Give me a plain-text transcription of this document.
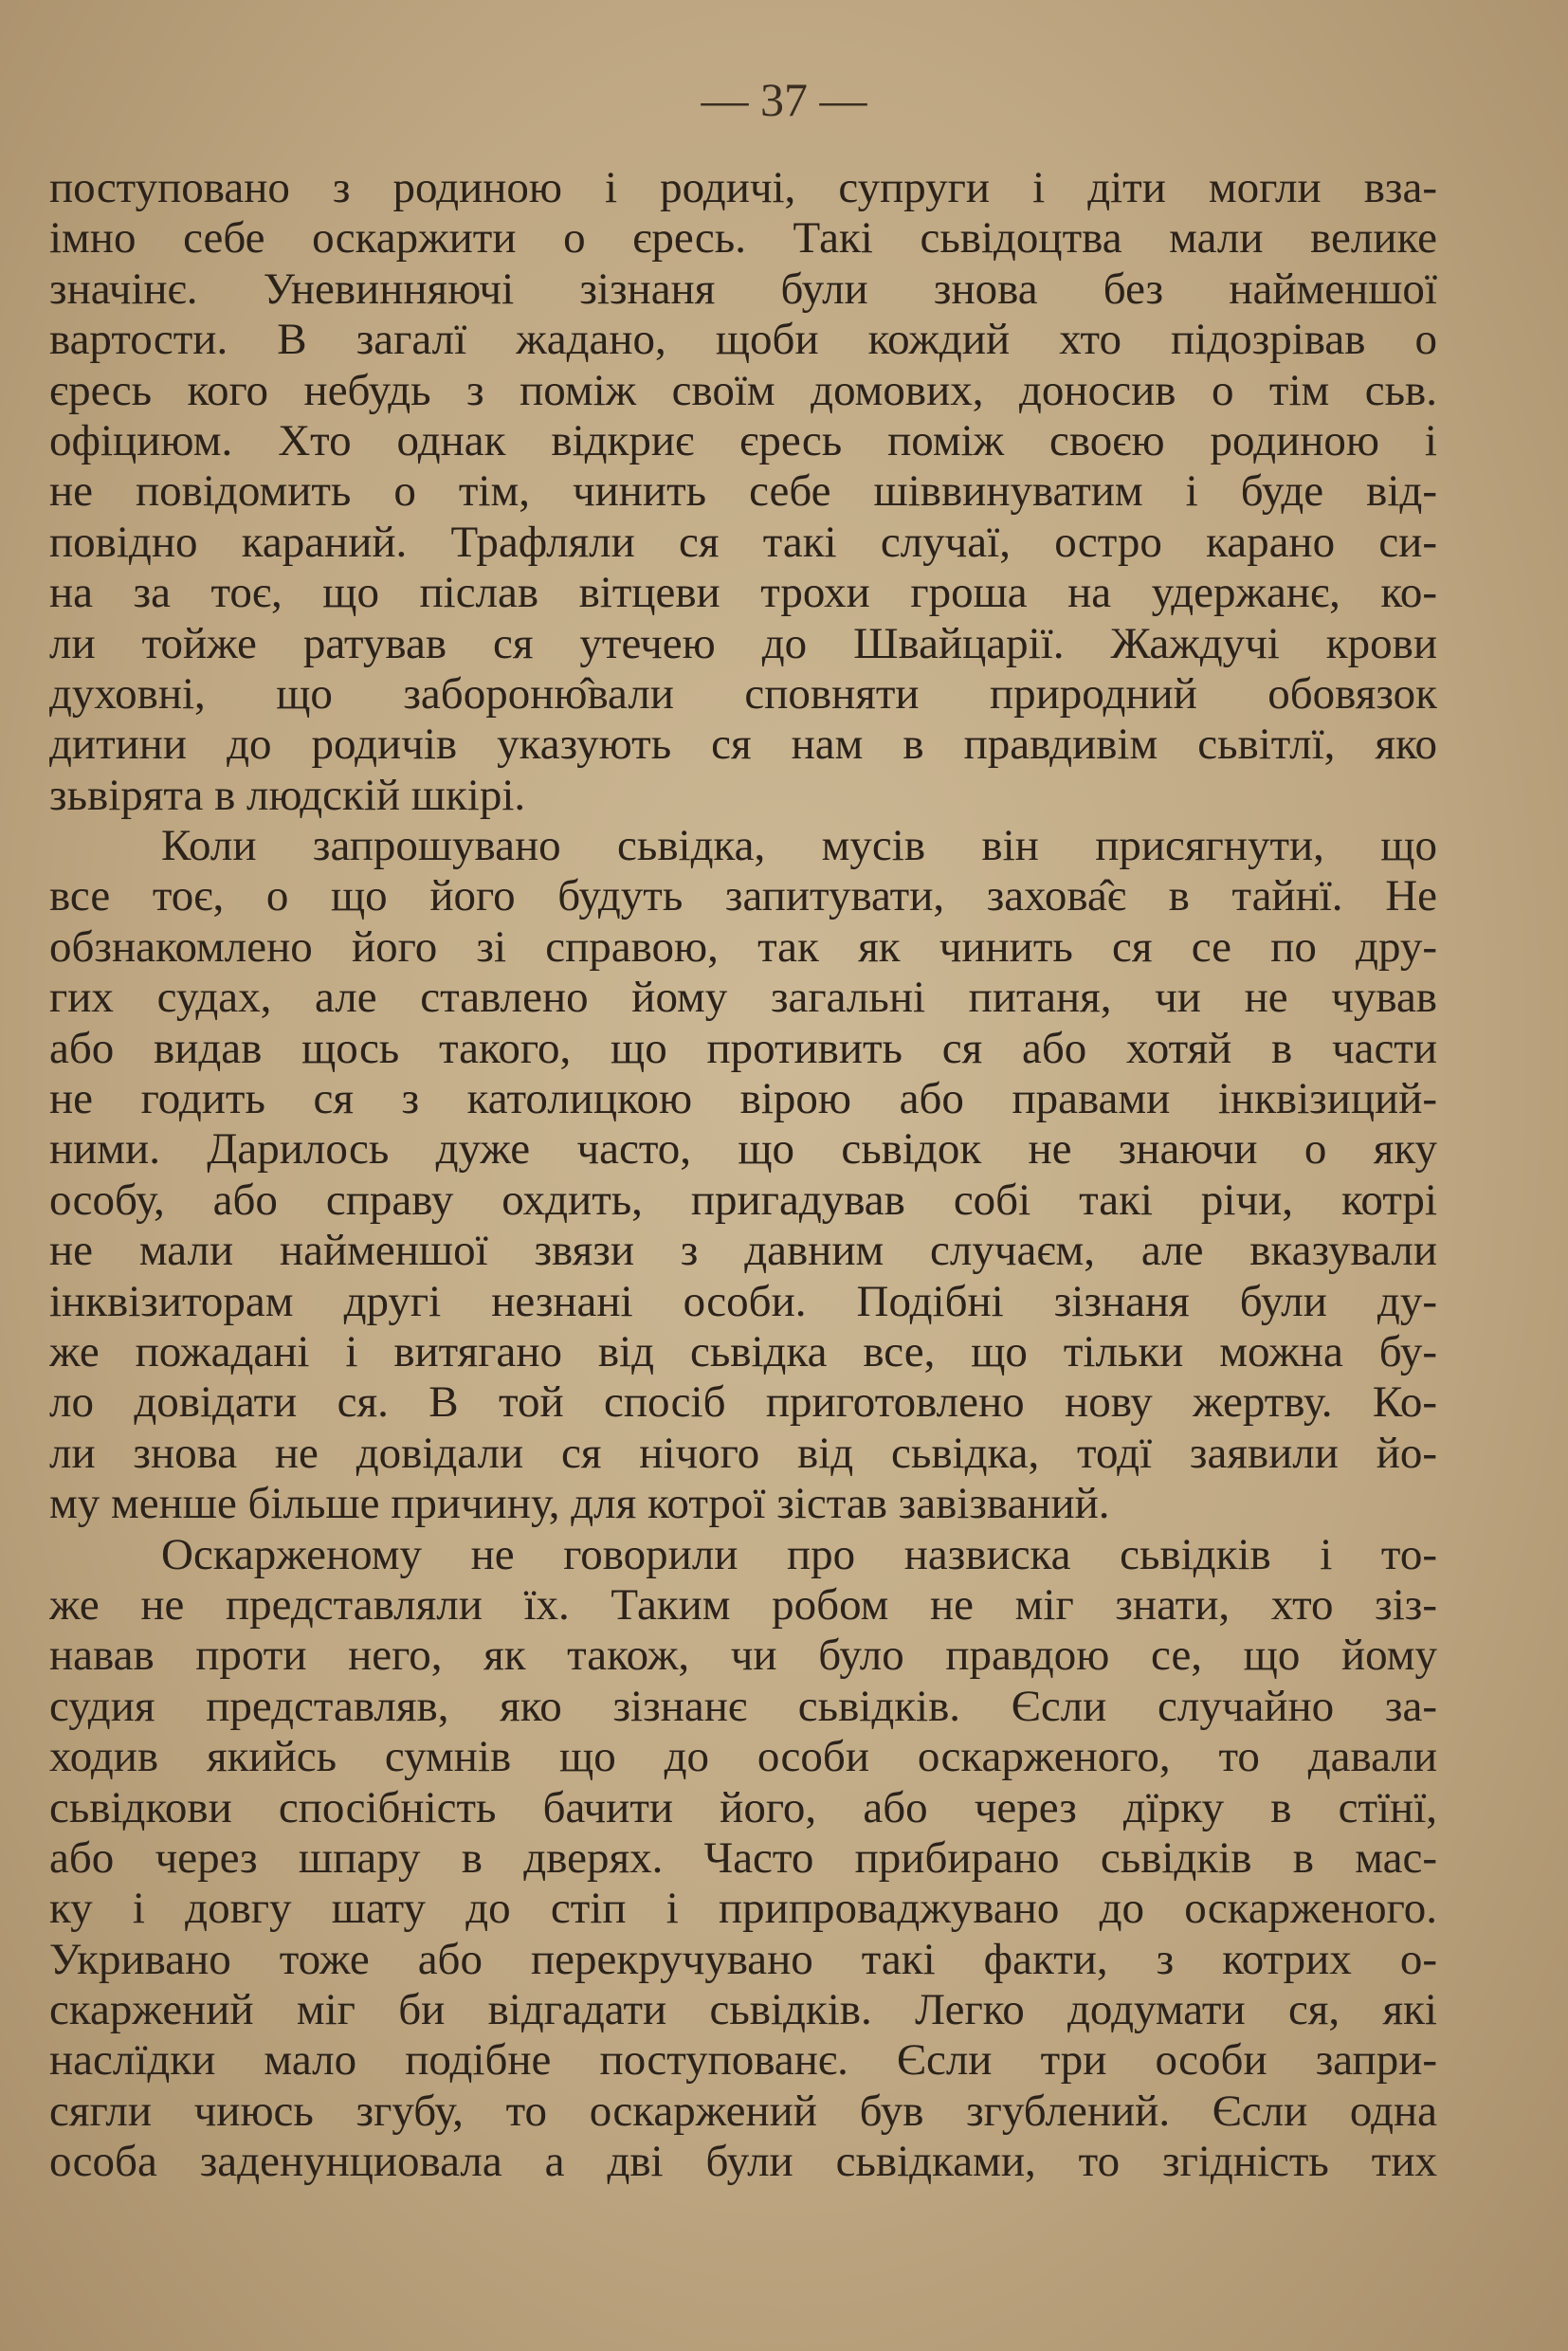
— 37 —
поступовано з родиною і родичі, супруги і діти могли вза-
імно себе оскаржити о єресь. Такі сьвідоцтва мали велике
значінє. Уневинняючі зізнаня були знова без найменшої
вартости. В загалї жадано, щоби кождий хто підозрівав о
єресь кого небудь з поміж своїм домових, доносив о тім сьв.
офіциюм. Хто однак відкриє єресь поміж своєю родиною і
не повідомить о тім, чинить себе шіввинуватим і буде від-
повідно караний. Трафляли ся такі случаї, остро карано си-
на за тоє, що післав вітцеви трохи гроша на удержанє, ко-
ли тойже ратував ся утечею до Швайцарії. Жаждучі крови
духовні, що забороню̂вали сповняти природний обовязок
дитини до родичів указують ся нам в правдивім сьвітлї, яко
зьвірята в людскій шкірі.
Коли запрошувано сьвідка, мусів він присягнути, що
все тоє, о що його будуть запитувати, захова̂є в тайнї. Не
обзнакомлено його зі справою, так як чинить ся се по дру-
гих судах, але ставлено йому загальні питаня, чи не чував
або видав щось такого, що противить ся або хотяй в части
не годить ся з католицкою вірою або правами інквізиций-
ними. Дарилось дуже часто, що сьвідок не знаючи о яку
особу, або справу охдить, пригадував собі такі річи, котрі
не мали найменшої звязи з давним случаєм, але вказували
інквізиторам другі незнані особи. Подібні зізнаня були ду-
же пожадані і витягано від сьвідка все, що тільки можна бу-
ло довідати ся. В той спосіб приготовлено нову жертву. Ко-
ли знова не довідали ся нічого від сьвідка, тодї заявили йо-
му менше більше причину, для котрої зістав завізваний.
Оскарженому не говорили про назвиска сьвідків і то-
же не представляли їх. Таким робом не міг знати, хто зіз-
навав проти него, як також, чи було правдою се, що йому
судия представляв, яко зізнанє сьвідків. Єсли случайно за-
ходив якийсь сумнів що до особи оскарженого, то давали
сьвідкови спосібність бачити його, або через дїрку в стїнї,
або через шпару в дверях. Часто прибирано сьвідків в мас-
ку і довгу шату до стіп і припроваджувано до оскарженого.
Укривано тоже або перекручувано такі факти, з котрих о-
скаржений міг би відгадати сьвідків. Легко додумати ся, які
наслїдки мало подібне поступованє. Єсли три особи запри-
сягли чиюсь згубу, то оскаржений був згублений. Єсли одна
особа заденунциовала а дві були сьвідками, то згідність тих
